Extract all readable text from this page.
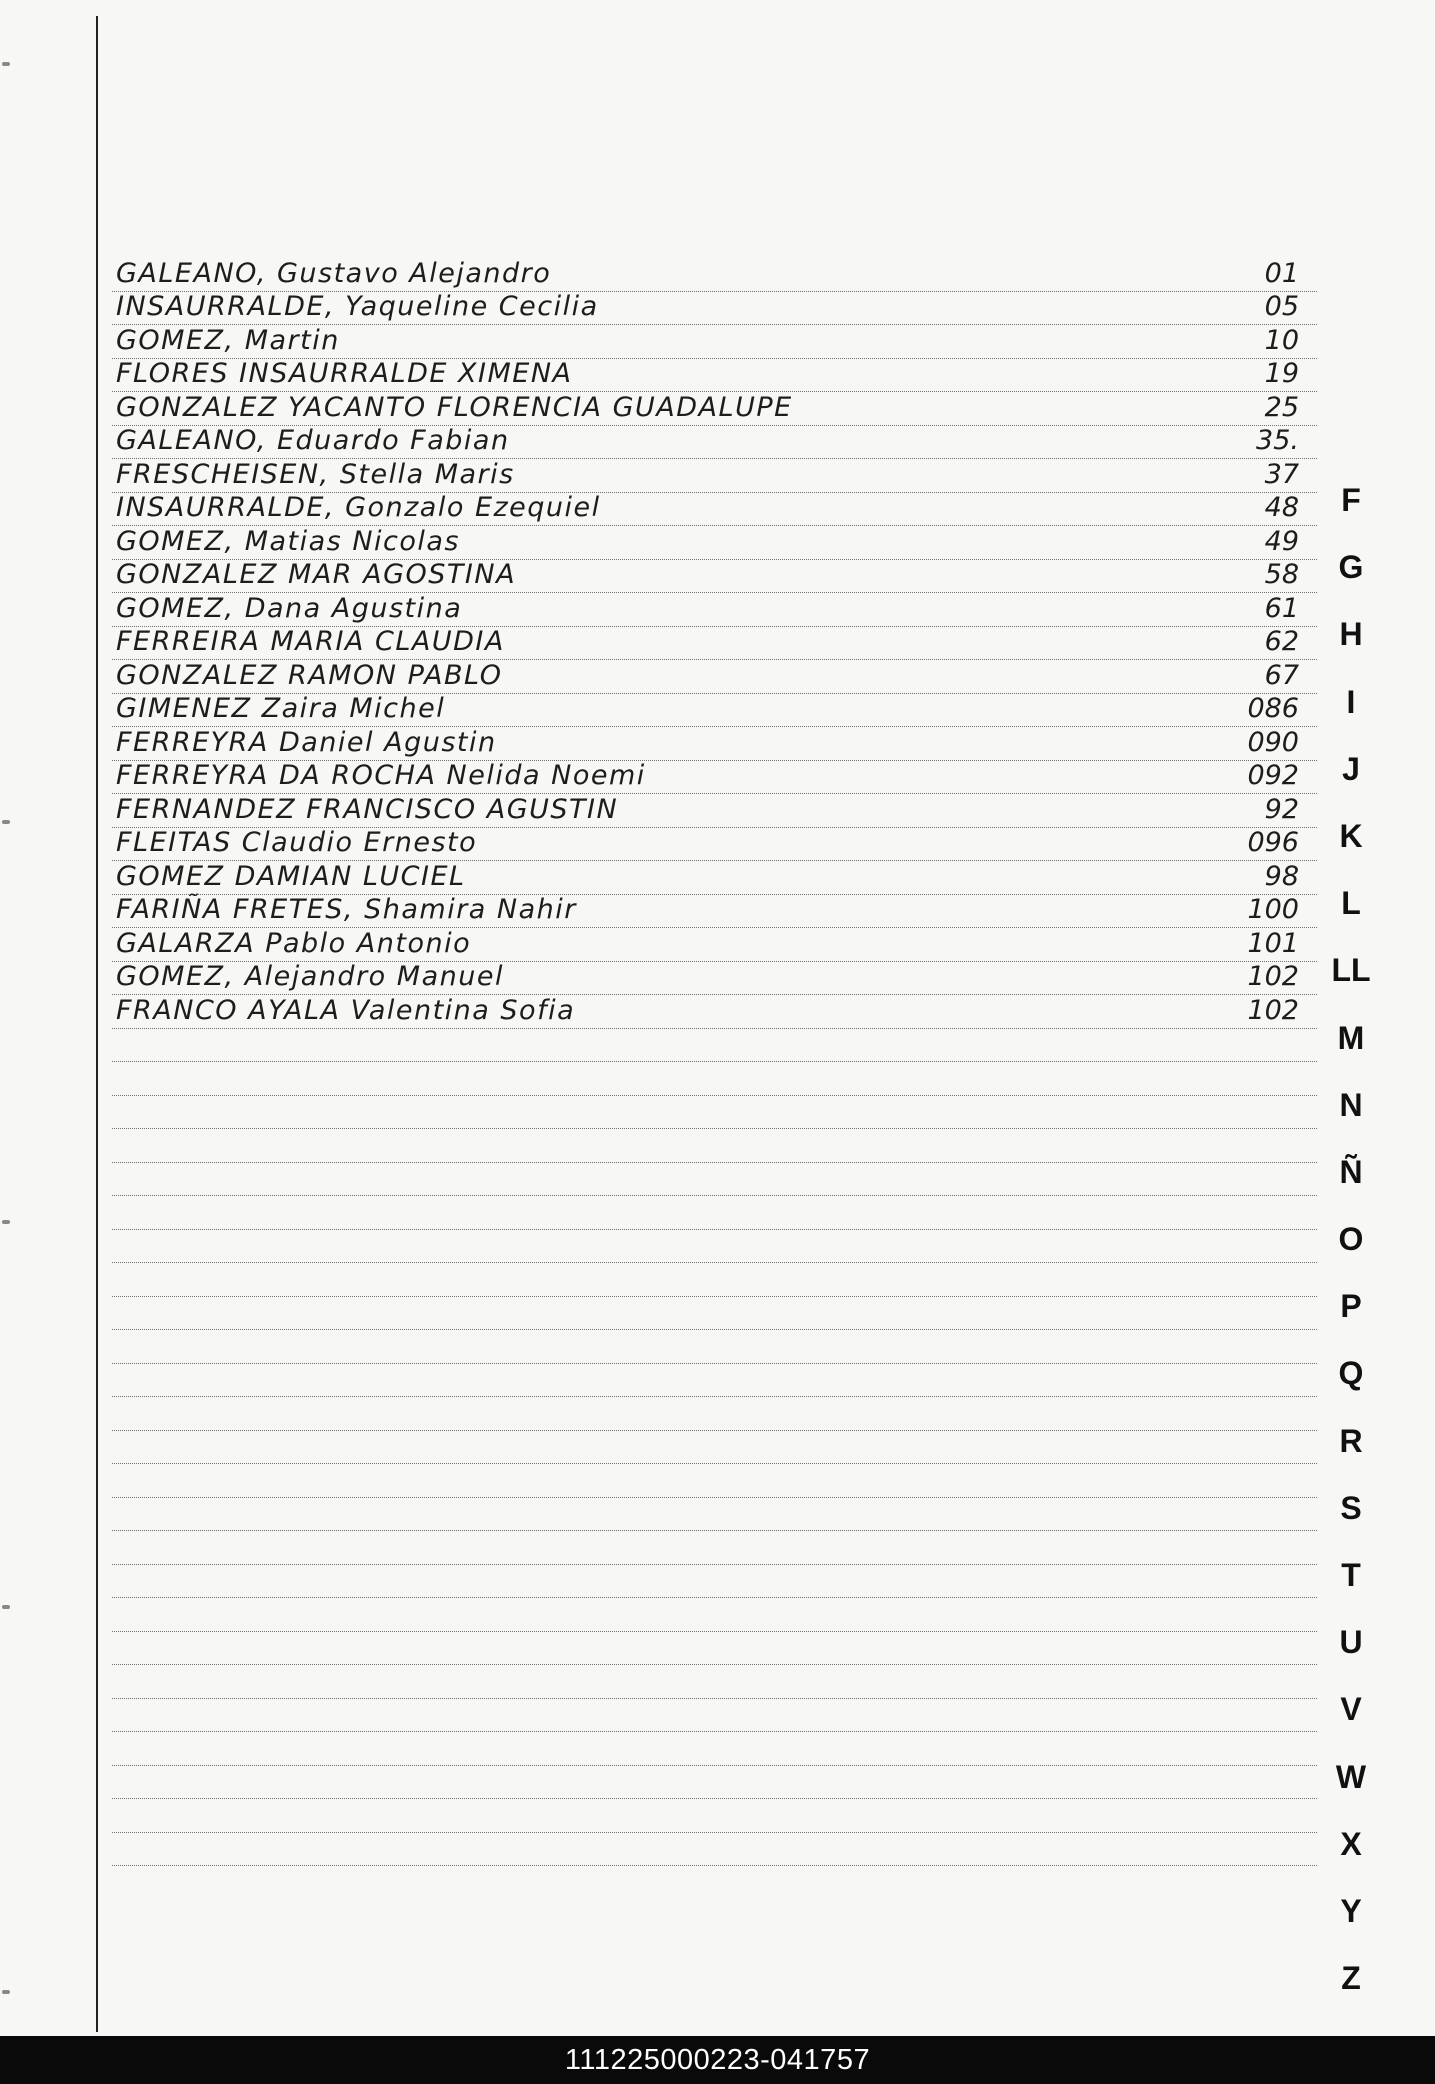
GALEANO, Gustavo Alejandro	01
INSAURRALDE, Yaqueline Cecilia	05
GOMEZ, Martin	10
FLORES INSAURRALDE XIMENA	19
GONZALEZ YACANTO FLORENCIA GUADALUPE	25
GALEANO, Eduardo Fabian	35.
FRESCHEISEN, Stella Maris	37
INSAURRALDE, Gonzalo Ezequiel	48
GOMEZ, Matias Nicolas	49
GONZALEZ MAR AGOSTINA	58
GOMEZ, Dana Agustina	61
FERREIRA MARIA CLAUDIA	62
GONZALEZ RAMON PABLO	67
GIMENEZ Zaira Michel	086
FERREYRA Daniel Agustin	090
FERREYRA DA ROCHA Nelida Noemi	092
FERNANDEZ FRANCISCO AGUSTIN	92
FLEITAS Claudio Ernesto	096
GOMEZ DAMIAN LUCIEL	98
FARIÑA FRETES, Shamira Nahir	100
GALARZA Pablo Antonio	101
GOMEZ, Alejandro Manuel	102
FRANCO AYALA Valentina Sofia	102
F
G
H
I
J
K
L
LL
M
N
Ñ
O
P
Q
R
S
T
U
V
W
X
Y
Z
111225000223-041757
